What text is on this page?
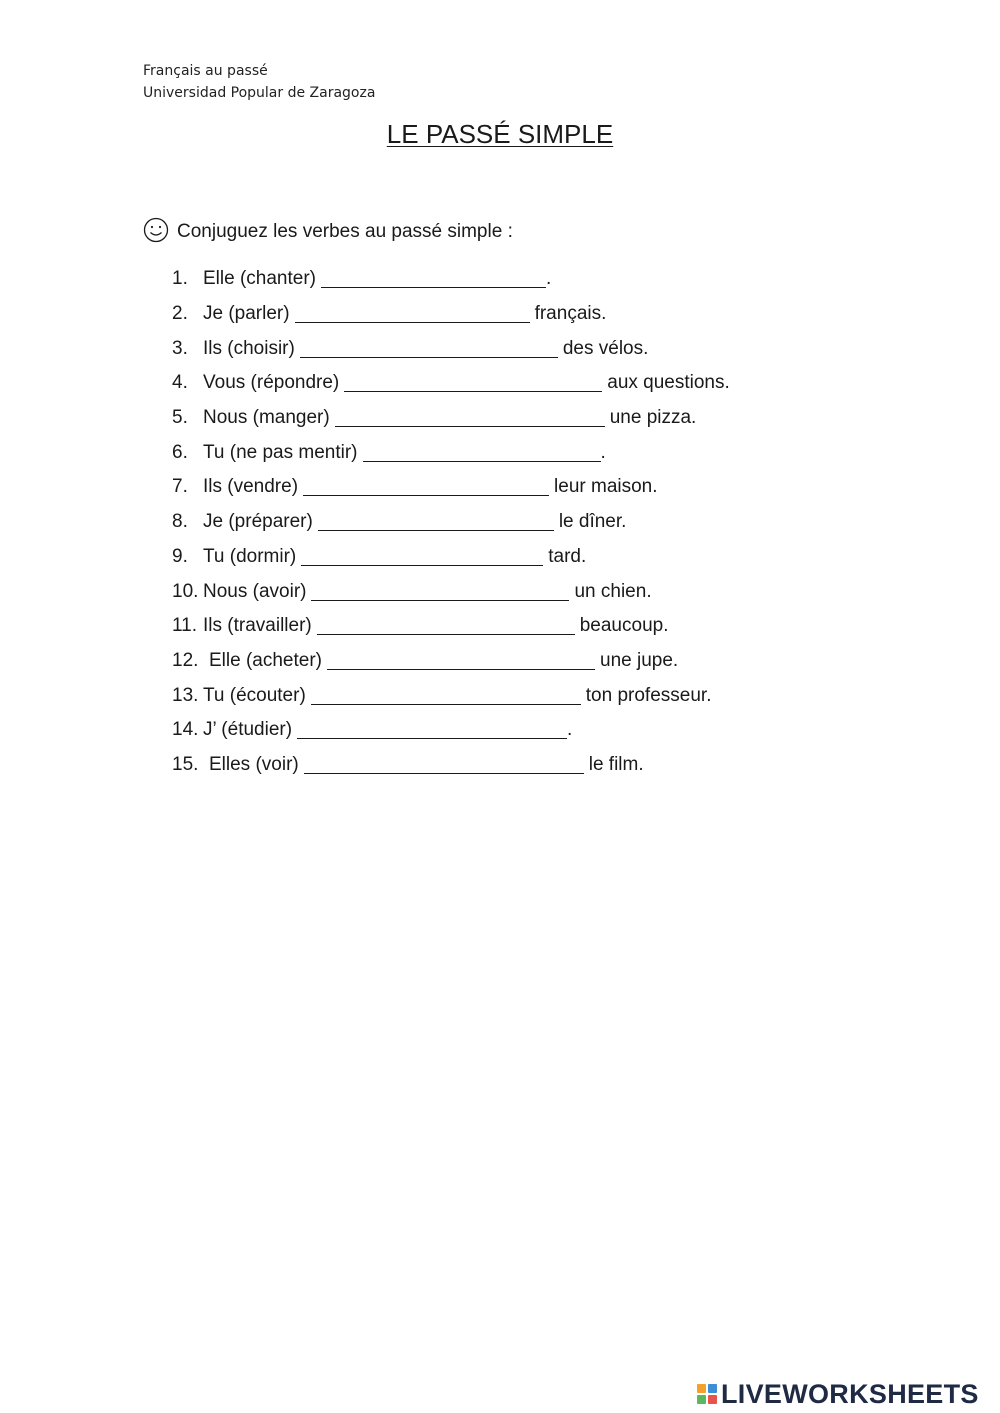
Français au passé
Universidad Popular de Zaragoza
LE PASSÉ SIMPLE
Conjuguez les verbes au passé simple :
1. Elle (chanter)	.
2. Je (parler)	français.
3. Ils (choisir)	des vélos.
4. Vous (répondre)	aux questions.
5. Nous (manger)	une pizza.
6. Tu (ne pas mentir)	.
7. Ils (vendre)	leur maison.
8. Je (préparer)	le dîner.
9. Tu (dormir)	tard.
10. Nous (avoir)	un chien.
11. Ils (travailler)	beaucoup.
12. Elle (acheter)	une jupe.
13. Tu (écouter)	ton professeur.
14. J’ (étudier)	.
15. Elles (voir)	le film.
LIVEWORKSHEETS
